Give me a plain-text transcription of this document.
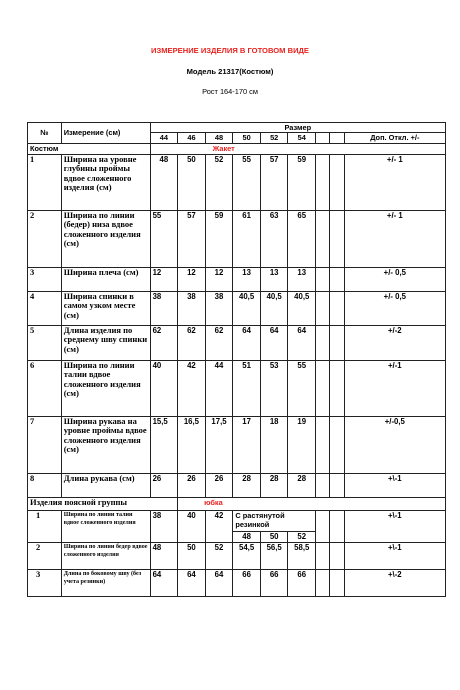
ИЗМЕРЕНИЕ ИЗДЕЛИЯ В ГОТОВОМ ВИДЕ
Модель 21317(Костюм)
Рост 164-170 см
№	Измерение (см)	Размер								
		44	46	48	50	52	54			Доп. Откл. +/-
Костюм		Жакет								
1	Ширина на уровне глубины проймы вдвое сложенного изделия (см)	48	50	52	55	57	59			+/- 1
2	Ширина по линии (бедер) низа вдвое сложенного изделия (см)	55	57	59	61	63	65			+/- 1
3	Ширина плеча (см)	12	12	12	13	13	13			+/- 0,5
4	Ширина спинки в самом узком месте (см)	38	38	38	40,5	40,5	40,5			+/- 0,5
5	Длина изделия по среднему шву спинки (см)	62	62	62	64	64	64			+/-2
6	Ширина по линии талии вдвое сложенного изделия (см)	40	42	44	51	53	55			+/-1
7	Ширина рукава на уровне проймы вдвое сложенного изделия (см)	15,5	16,5	17,5	17	18	19			+/-0,5
8	Длина рукава (см)	26	26	26	28	28	28			+\-1
Изделия поясной группы			юбка							
1	Ширина по линии талии вдвое сложенного изделия	38	40	42	С растянутой резинкой					+\-1
					48	50	52			
2	Ширина по линии бедер вдвое сложенного изделия	48	50	52	54,5	56,5	58,5			+\-1
3	Длина по боковому шву (без учета резинки)	64	64	64	66	66	66			+\-2
